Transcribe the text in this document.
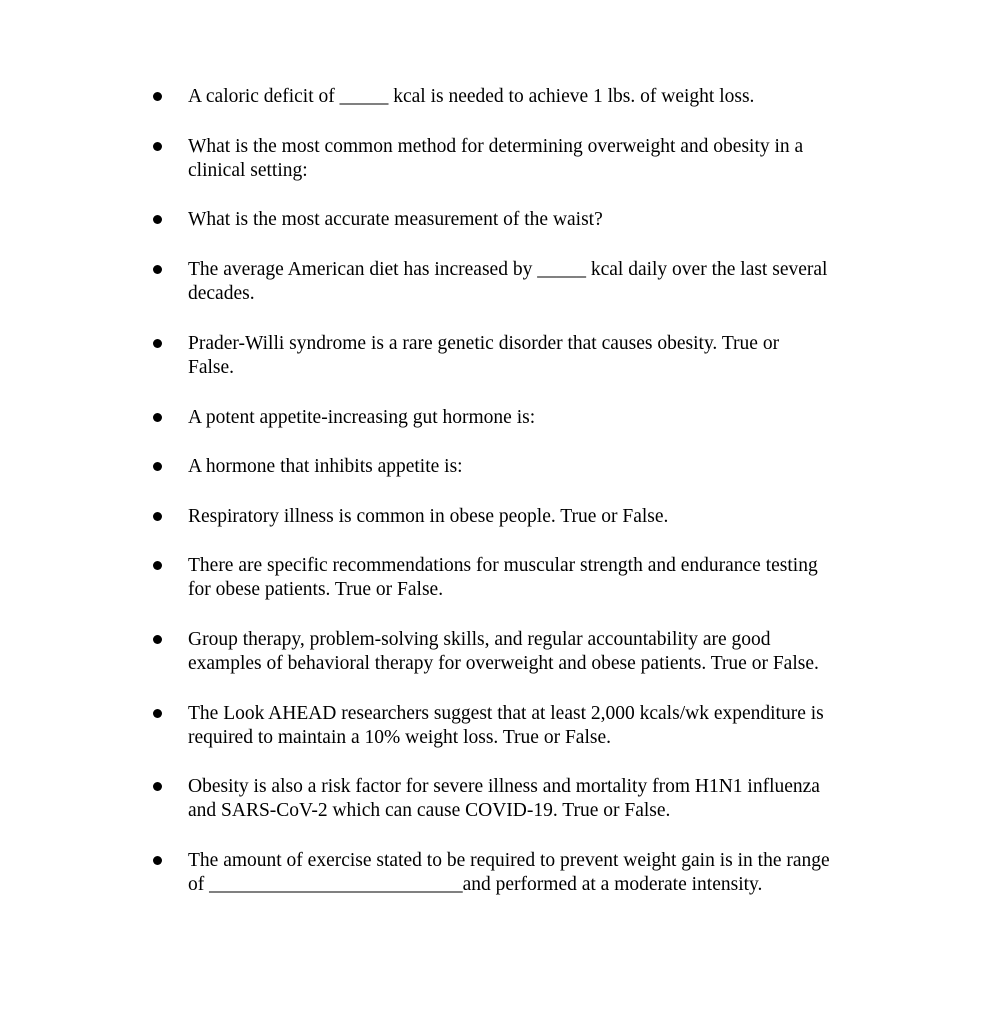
A caloric deficit of _____ kcal is needed to achieve 1 lbs. of weight loss.

What is the most common method for determining overweight and obesity in a
clinical setting:

What is the most accurate measurement of the waist?

The average American diet has increased by _____ kcal daily over the last several
decades.

Prader-Willi syndrome is a rare genetic disorder that causes obesity. True or
False.

A potent appetite-increasing gut hormone is:

A hormone that inhibits appetite is:

Respiratory illness is common in obese people. True or False.

There are specific recommendations for muscular strength and endurance testing
for obese patients. True or False.

Group therapy, problem-solving skills, and regular accountability are good
examples of behavioral therapy for overweight and obese patients. True or False.

The Look AHEAD researchers suggest that at least 2,000 kcals/wk expenditure is
required to maintain a 10% weight loss. True or False.

Obesity is also a risk factor for severe illness and mortality from H1N1 influenza
and SARS-CoV-2 which can cause COVID-19. True or False.

The amount of exercise stated to be required to prevent weight gain is in the range
of __________________________and performed at a moderate intensity.
